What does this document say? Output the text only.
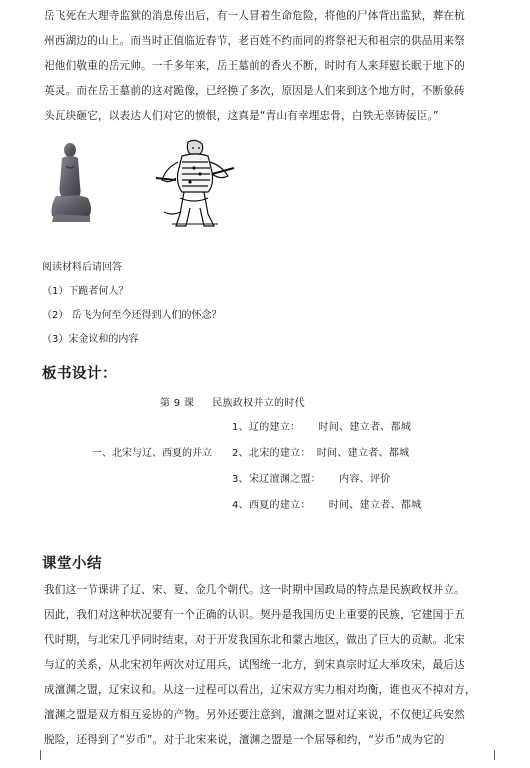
岳飞死在大理寺监狱的消息传出后，有一人冒着生命危险，将他的尸体背出监狱，葬在杭

州西湖边的山上。而当时正值临近春节，老百姓不约而同的将祭祀天和祖宗的供品用来祭

祀他们敬重的岳元帅。一千多年来，岳王墓前的香火不断，时时有人来拜慰长眠于地下的

英灵。而在岳王墓前的这对跪像，已经换了多次，原因是人们来到这个地方时，不断象砖

头瓦块砸它，以表达人们对它的愤恨，这真是“青山有幸埋忠骨，白铁无辜铸佞臣。”

阅读材料后请回答
（1）下跪者何人？
（2） 岳飞为何至今还得到人们的怀念？
（3）宋金议和的内容
板书设计：
第 9 课 民族政权并立的时代
一、北宋与辽、西夏的并立
1、辽的建立： 时间、建立者、都城
2、北宋的建立： 时间、建立者、都城
3、宋辽澶渊之盟： 内容、评价
4、西夏的建立： 时间、建立者、都城
课堂小结

我们这一节课讲了辽、宋、夏、金几个朝代。这一时期中国政局的特点是民族政权并立。

因此，我们对这种状况要有一个正确的认识。契丹是我国历史上重要的民族，它建国于五

代时期，与北宋几乎同时结束，对于开发我国东北和蒙古地区，做出了巨大的贡献。北宋

与辽的关系，从北宋初年两次对辽用兵，试图统一北方，到宋真宗时辽大举攻宋，最后达

成澶渊之盟，辽宋议和。从这一过程可以看出，辽宋双方实力相对均衡，谁也灭不掉对方，

澶渊之盟是双方相互妥协的产物。另外还要注意到，澶渊之盟对辽来说，不仅使辽兵安然

脱险，还得到了“岁币”。对于北宋来说，澶渊之盟是一个屈辱和约，“岁币”成为它的
